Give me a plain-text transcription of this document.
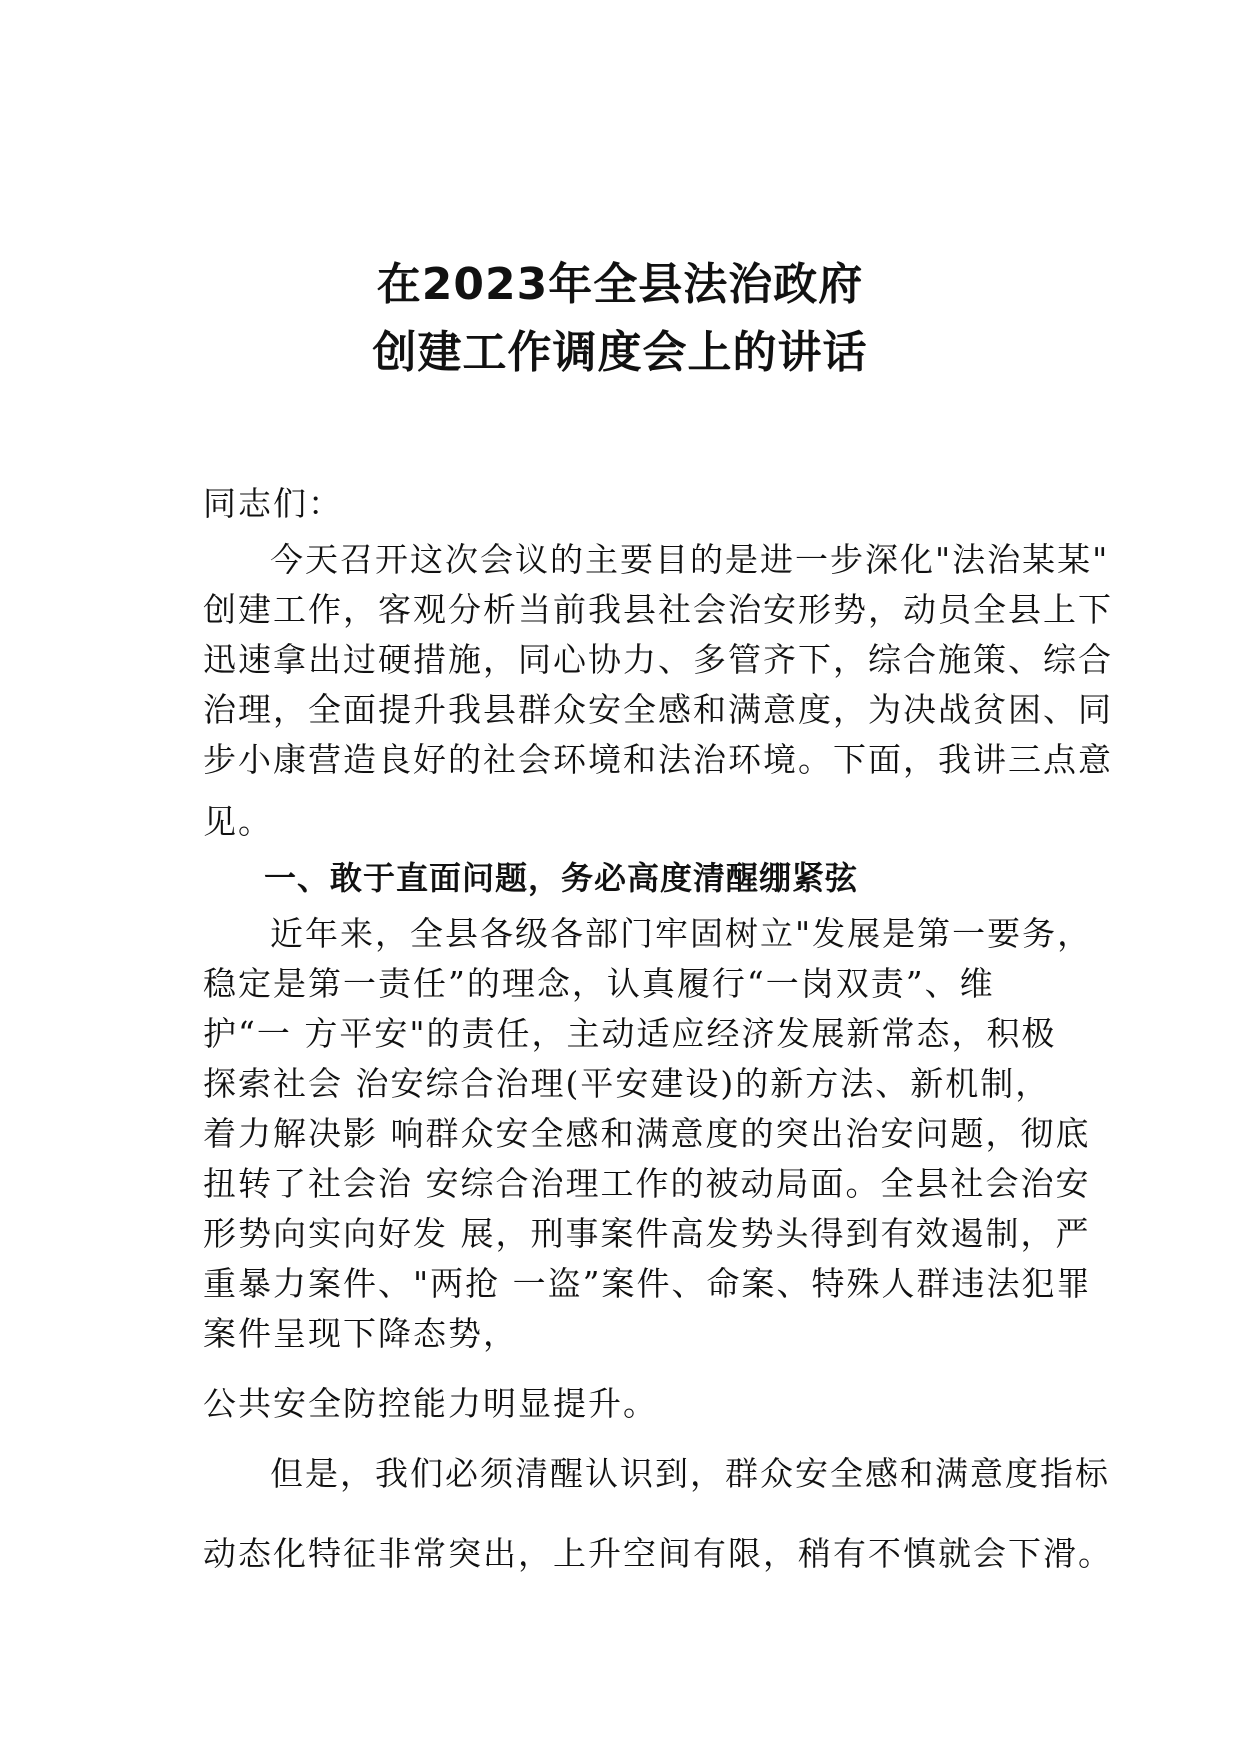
在2023年全县法治政府
创建工作调度会上的讲话
同志们：
今天召开这次会议的主要目的是进一步深化"法治某某"
创建工作，客观分析当前我县社会治安形势，动员全县上下
迅速拿出过硬措施，同心协力、多管齐下，综合施策、综合
治理，全面提升我县群众安全感和满意度，为决战贫困、同
步小康营造良好的社会环境和法治环境。下面，我讲三点意
见。
一、敢于直面问题，务必高度清醒绷紧弦
近年来，全县各级各部门牢固树立"发展是第一要务，
稳定是第一责任”的理念，认真履行“一岗双责”、维
护“一 方平安"的责任，主动适应经济发展新常态，积极
探索社会 治安综合治理(平安建设)的新方法、新机制，
着力解决影 响群众安全感和满意度的突出治安问题，彻底
扭转了社会治 安综合治理工作的被动局面。全县社会治安
形势向实向好发 展，刑事案件高发势头得到有效遏制，严
重暴力案件、"两抢 一盗”案件、命案、特殊人群违法犯罪
案件呈现下降态势，
公共安全防控能力明显提升。
但是，我们必须清醒认识到，群众安全感和满意度指标
动态化特征非常突出，上升空间有限，稍有不慎就会下滑。
